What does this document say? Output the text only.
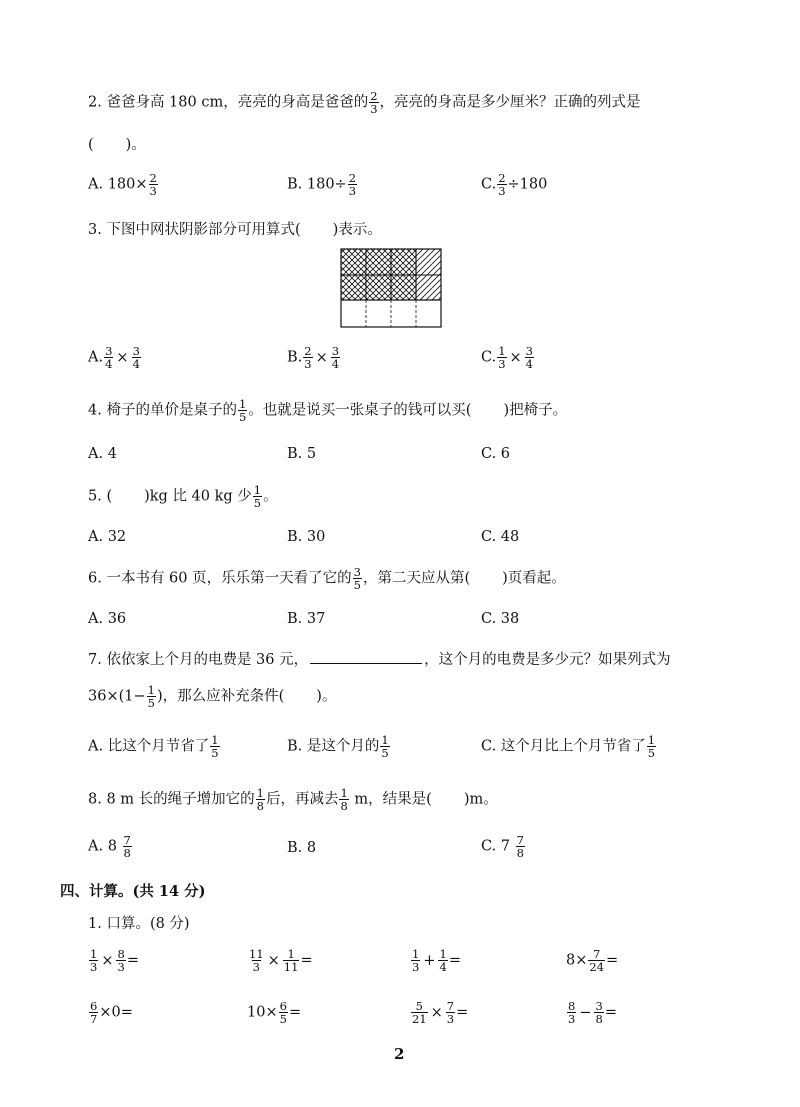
2. 爸爸身高 180 cm，亮亮的身高是爸爸的 $\frac{2}{3}$ ，亮亮的身高是多少厘米？正确的列式是
( )。
A. $180\times \frac{2}{3}$	B. $180\div \frac{2}{3}$	C. $\frac{2}{3} \div 180$
3. 下图中网状阴影部分可用算式( )表示。
A. $\frac{3}{4} \times \frac{3}{4}$	B. $\frac{2}{3} \times \frac{3}{4}$	C. $\frac{1}{3} \times \frac{3}{4}$
4. 椅子的单价是桌子的 $\frac{1}{5}$ 。也就是说买一张桌子的钱可以买( )把椅子。
A. 4	B. 5	C. 6
5. ( )kg 比 40 kg 少 $\frac{1}{5}$ 。
A. 32	B. 30	C. 48
6. 一本书有 60 页，乐乐第一天看了它的 $\frac{3}{5}$ ，第二天应从第( )页看起。
A. 36	B. 37	C. 38
7. 依依家上个月的电费是 36 元，	，这个月的电费是多少元？如果列式为
$36\times(1- \frac{1}{5}$ )，那么应补充条件( )。
A. 比这个月节省了 $\frac{1}{5}$	B. 是这个月的 $\frac{1}{5}$	C. 这个月比上个月节省了 $\frac{1}{5}$
8. 8 m 长的绳子增加它的 $\frac{1}{8}$ 后，再减去 $\frac{1}{8}$ m，结果是( )m。
A. $8 \frac{7}{8}$	B. 8	C. $7 \frac{7}{8}$
四、计算。(共 14 分)
1. 口算。(8 分)
$\frac{1}{3} \times \frac{8}{3}$ =	$\frac{11}{3} \times \frac{1}{11}$ =	$\frac{1}{3} + \frac{1}{4}$ =	$8\times \frac{7}{24}$ =
$\frac{6}{7} \times 0=$	$10\times \frac{6}{5}$ =	$\frac{5}{21} \times \frac{7}{3}$ =	$\frac{8}{3} - \frac{3}{8}$ =
2
